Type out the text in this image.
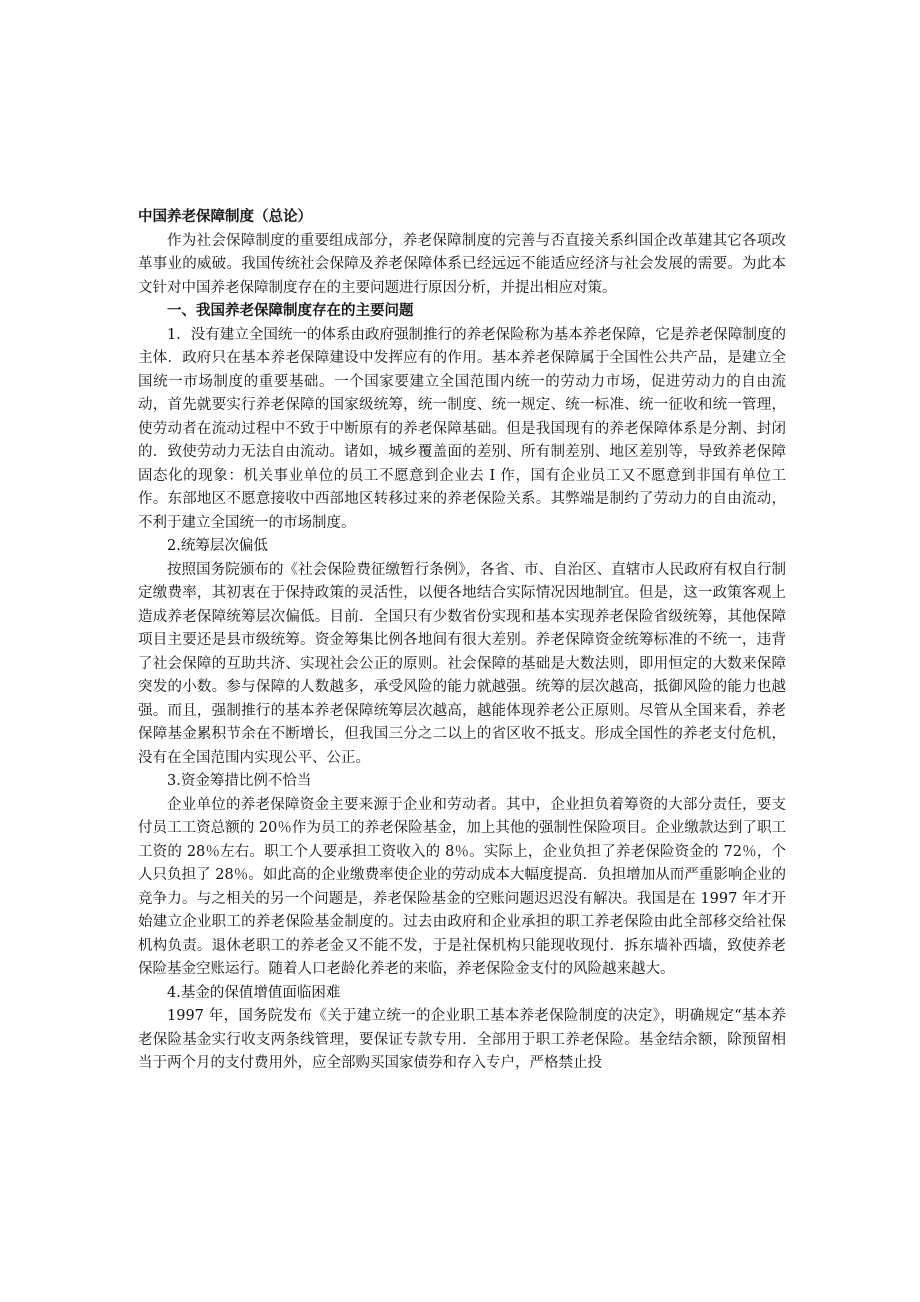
中国养老保障制度（总论）

作为社会保障制度的重要组成部分，养老保障制度的完善与否直接关系纠国企改革建其它各项改革事业的威破。我国传统社会保障及养老保障体系已经远远不能适应经济与社会发展的需要。为此本文针对中国养老保障制度存在的主要问题进行原因分析，并提出相应对策。

一、我国养老保障制度存在的主要问题

1．没有建立全国统一的体系由政府强制推行的养老保险称为基本养老保障，它是养老保障制度的主体．政府只在基本养老保障建设中发挥应有的作用。基本养老保障属于全国性公共产品，是建立全国统一市场制度的重要基础。一个国家要建立全国范围内统一的劳动力市场，促进劳动力的自由流动，首先就要实行养老保障的国家级统筹，统一制度、统一规定、统一标准、统一征收和统一管理，使劳动者在流动过程中不致于中断原有的养老保障基础。但是我国现有的养老保障体系是分割、封闭的．致使劳动力无法自由流动。诸如，城乡覆盖面的差别、所有制差别、地区差别等，导致养老保障固态化的现象：机关事业单位的员工不愿意到企业去 I 作，国有企业员工又不愿意到非国有单位工作。东部地区不愿意接收中西部地区转移过来的养老保险关系。其弊端是制约了劳动力的自由流动，不利于建立全国统一的市场制度。

2.统筹层次偏低

按照国务院颁布的《社会保险费征缴暂行条例》，各省、市、自治区、直辖市人民政府有权自行制定缴费率，其初衷在于保持政策的灵活性，以便各地结合实际情况因地制宜。但是，这一政策客观上造成养老保障统筹层次偏低。目前．全国只有少数省份实现和基本实现养老保险省级统筹，其他保障项目主要还是县市级统筹。资金筹集比例各地间有很大差别。养老保障资金统筹标准的不统一，违背了社会保障的互助共济、实现社会公正的原则。社会保障的基础是大数法则，即用恒定的大数来保障突发的小数。参与保障的人数越多，承受风险的能力就越强。统筹的层次越高，抵御风险的能力也越强。而且，强制推行的基本养老保障统筹层次越高，越能体现养老公正原则。尽管从全国来看，养老保障基金累积节余在不断增长，但我国三分之二以上的省区收不抵支。形成全国性的养老支付危机，没有在全国范围内实现公平、公正。

3.资金筹措比例不恰当

企业单位的养老保障资金主要来源于企业和劳动者。其中，企业担负着筹资的大部分责任，要支付员工工资总额的 20％作为员工的养老保险基金，加上其他的强制性保险项目。企业缴款达到了职工工资的 28％左右。职工个人要承担工资收入的 8％。实际上，企业负担了养老保险资金的 72％，个人只负担了 28％。如此高的企业缴费率使企业的劳动成本大幅度提高．负担增加从而严重影响企业的竞争力。与之相关的另一个问题是，养老保险基金的空账问题迟迟没有解决。我国是在 1997 年才开始建立企业职工的养老保险基金制度的。过去由政府和企业承担的职工养老保险由此全部移交给社保机构负责。退休老职工的养老金又不能不发，于是社保机构只能现收现付．拆东墙补西墙，致使养老保险基金空账运行。随着人口老龄化养老的来临，养老保险金支付的风险越来越大。

4.基金的保值增值面临困难

1997 年，国务院发布《关于建立统一的企业职工基本养老保险制度的决定》，明确规定“基本养老保险基金实行收支两条线管理，要保证专款专用．全部用于职工养老保险。基金结余额，除预留相当于两个月的支付费用外，应全部购买国家债券和存入专户，严格禁止投
